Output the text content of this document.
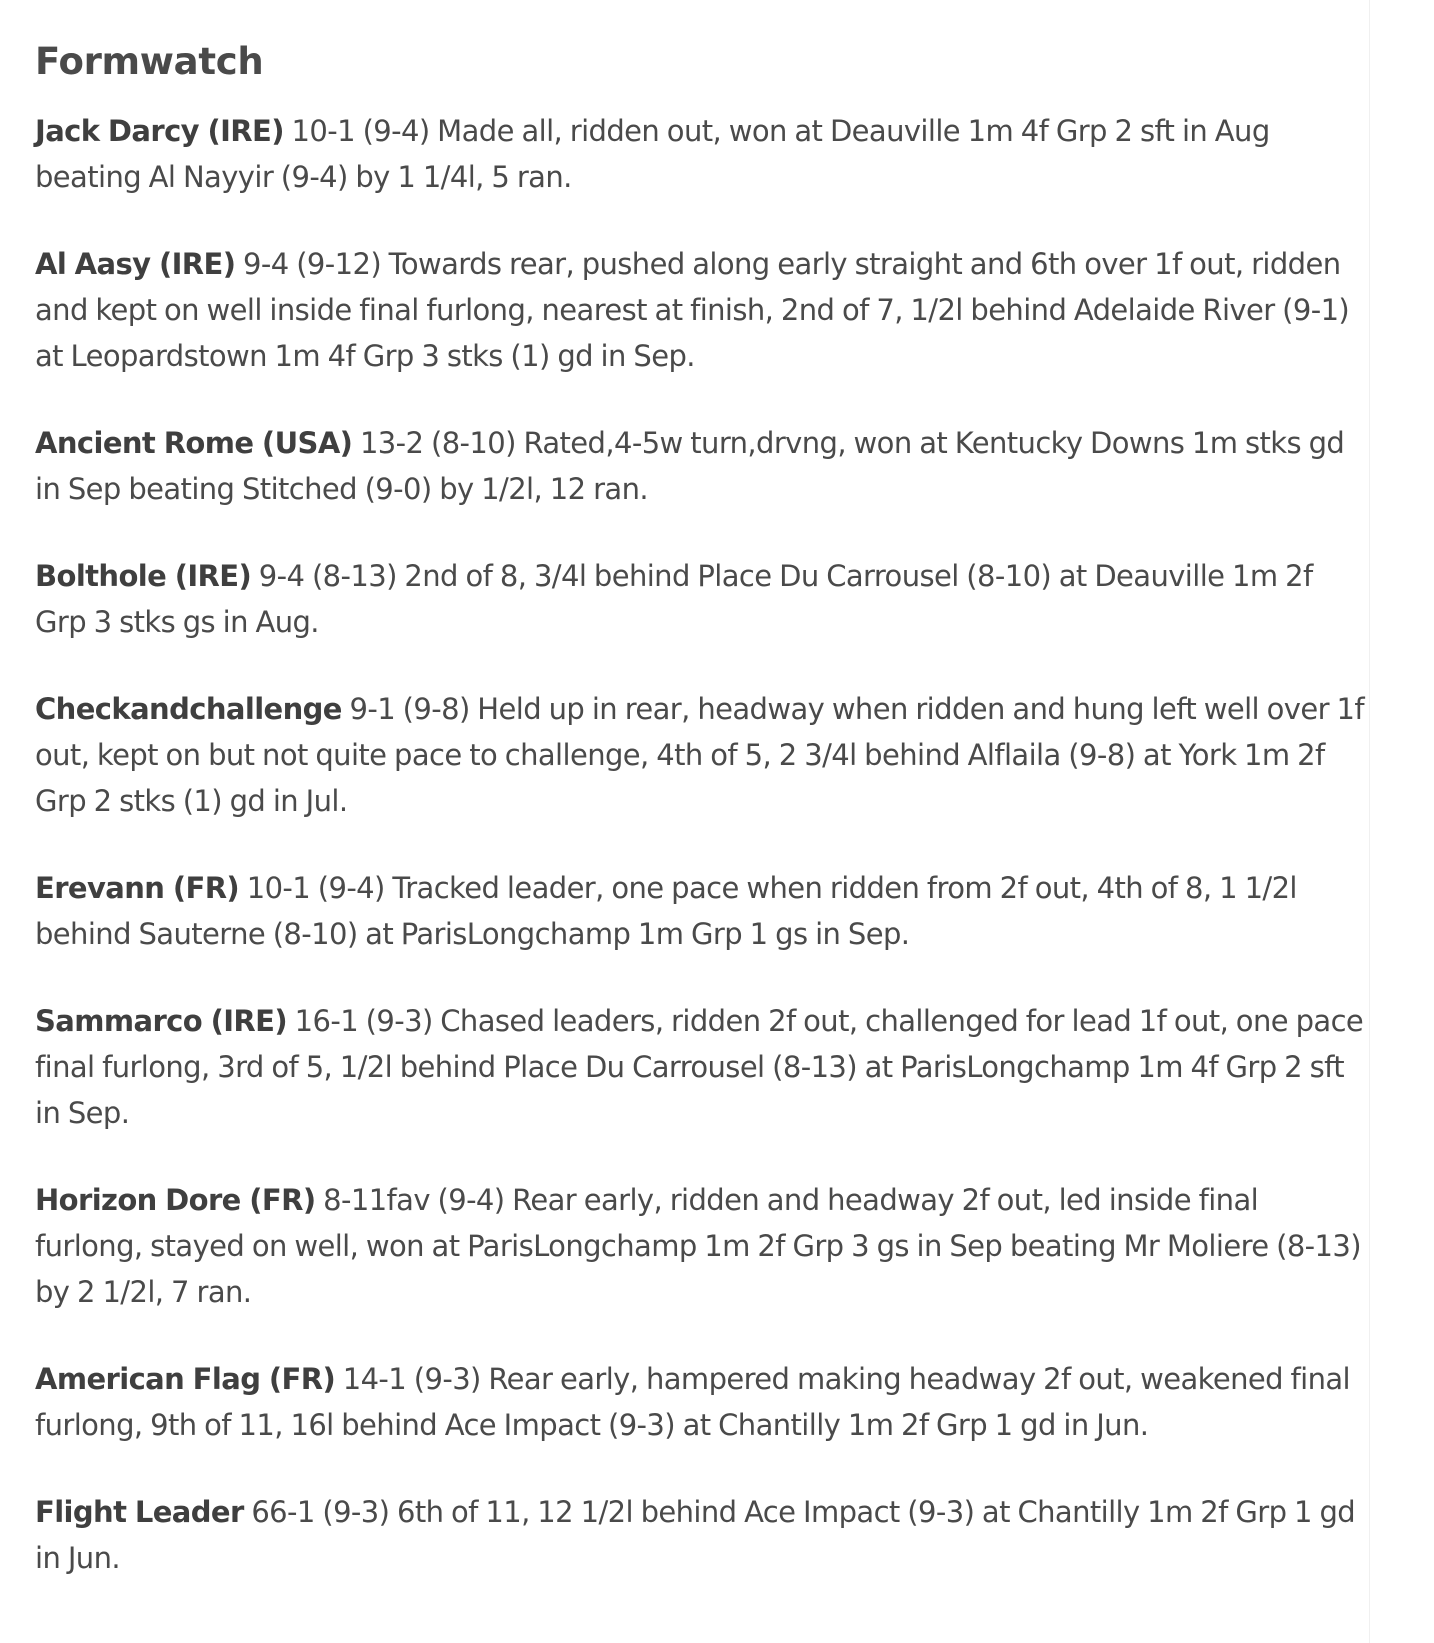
Formwatch

Jack Darcy (IRE) 10-1 (9-4) Made all, ridden out, won at Deauville 1m 4f Grp 2 sft in Aug beating Al Nayyir (9-4) by 1 1/4l, 5 ran.

Al Aasy (IRE) 9-4 (9-12) Towards rear, pushed along early straight and 6th over 1f out, ridden and kept on well inside final furlong, nearest at finish, 2nd of 7, 1/2l behind Adelaide River (9-1) at Leopardstown 1m 4f Grp 3 stks (1) gd in Sep.

Ancient Rome (USA) 13-2 (8-10) Rated,4-5w turn,drvng, won at Kentucky Downs 1m stks gd in Sep beating Stitched (9-0) by 1/2l, 12 ran.

Bolthole (IRE) 9-4 (8-13) 2nd of 8, 3/4l behind Place Du Carrousel (8-10) at Deauville 1m 2f Grp 3 stks gs in Aug.

Checkandchallenge 9-1 (9-8) Held up in rear, headway when ridden and hung left well over 1f out, kept on but not quite pace to challenge, 4th of 5, 2 3/4l behind Alflaila (9-8) at York 1m 2f Grp 2 stks (1) gd in Jul.

Erevann (FR) 10-1 (9-4) Tracked leader, one pace when ridden from 2f out, 4th of 8, 1 1/2l behind Sauterne (8-10) at ParisLongchamp 1m Grp 1 gs in Sep.

Sammarco (IRE) 16-1 (9-3) Chased leaders, ridden 2f out, challenged for lead 1f out, one pace final furlong, 3rd of 5, 1/2l behind Place Du Carrousel (8-13) at ParisLongchamp 1m 4f Grp 2 sft in Sep.

Horizon Dore (FR) 8-11fav (9-4) Rear early, ridden and headway 2f out, led inside final furlong, stayed on well, won at ParisLongchamp 1m 2f Grp 3 gs in Sep beating Mr Moliere (8-13) by 2 1/2l, 7 ran.

American Flag (FR) 14-1 (9-3) Rear early, hampered making headway 2f out, weakened final furlong, 9th of 11, 16l behind Ace Impact (9-3) at Chantilly 1m 2f Grp 1 gd in Jun.

Flight Leader 66-1 (9-3) 6th of 11, 12 1/2l behind Ace Impact (9-3) at Chantilly 1m 2f Grp 1 gd in Jun.
